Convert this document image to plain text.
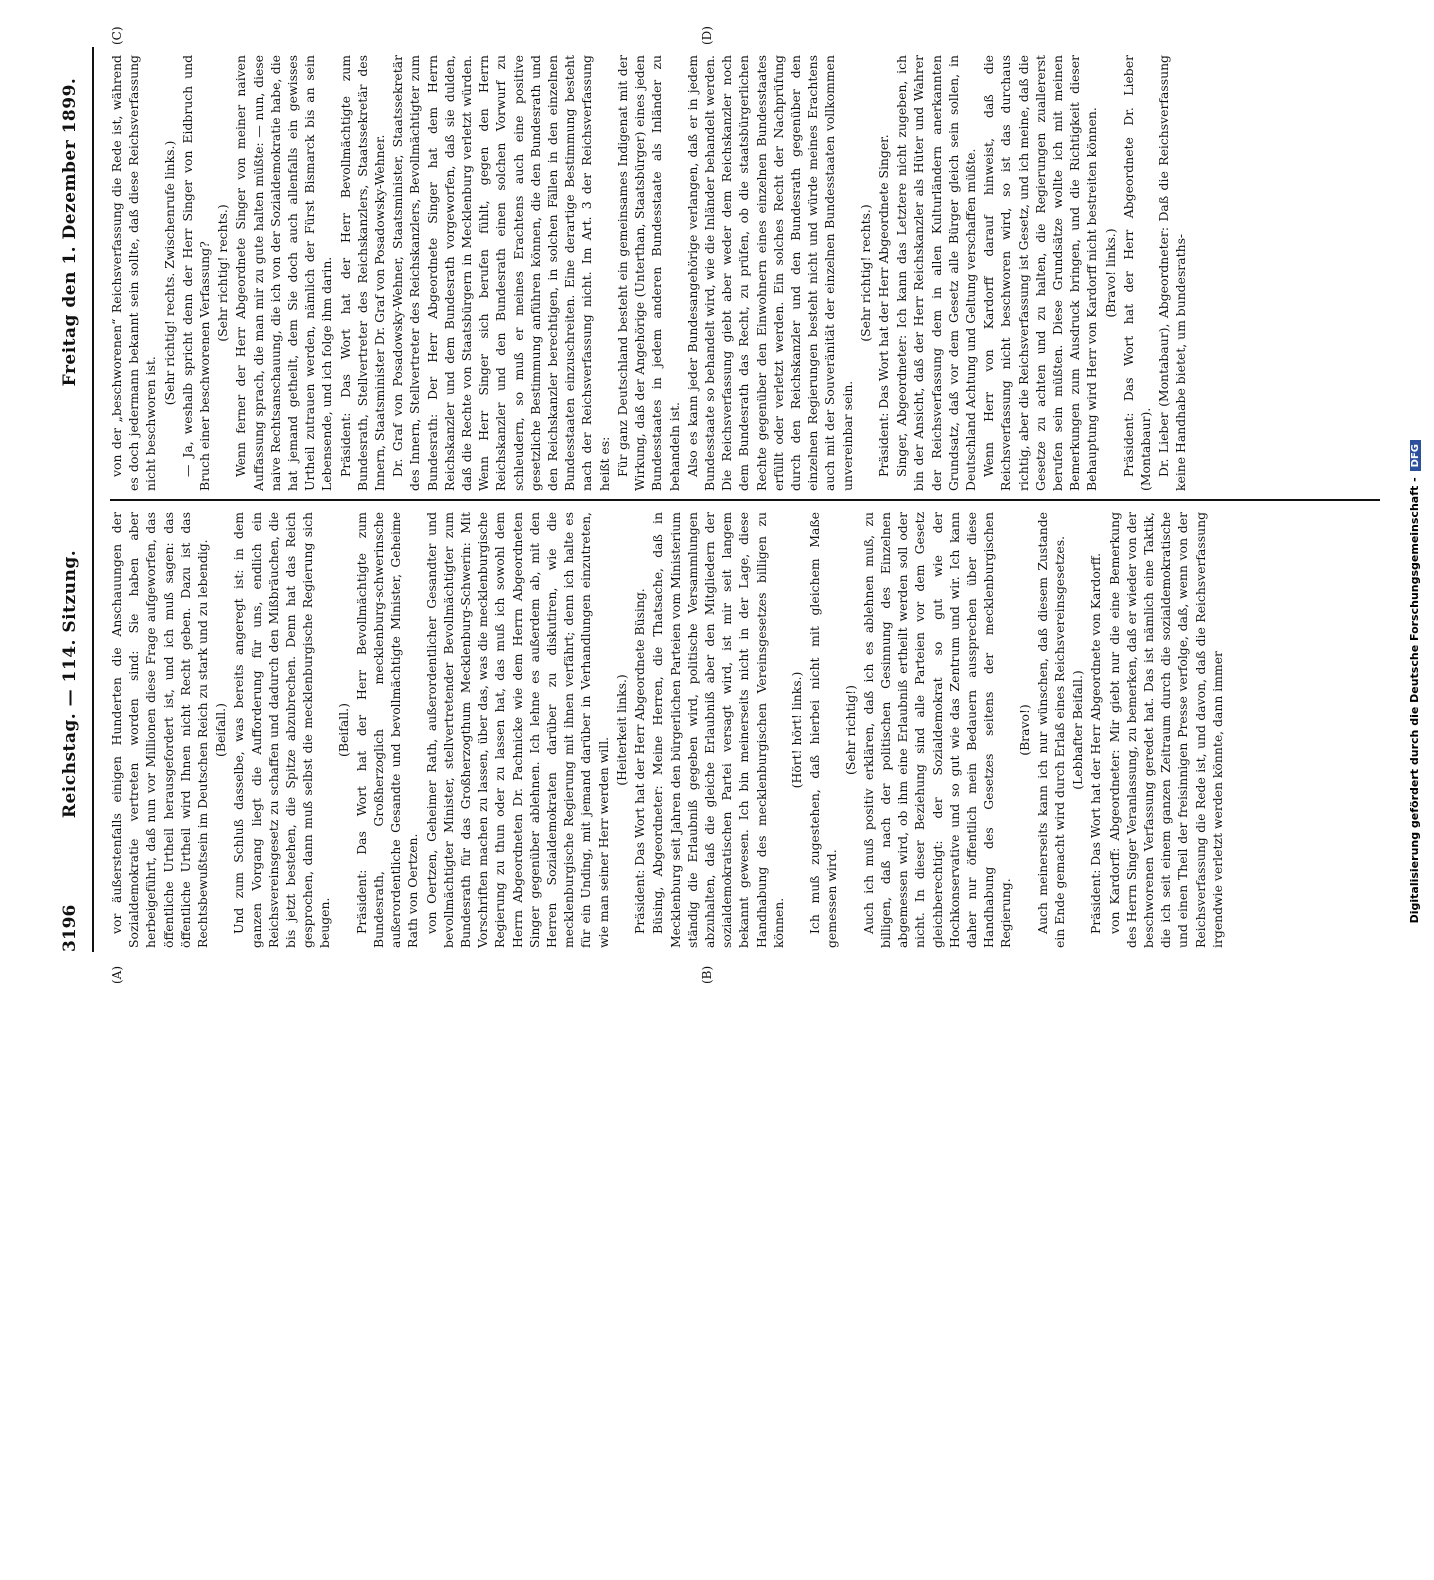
3196
Reichstag. — 114. Sitzung.
Freitag den 1. Dezember 1899.
(A)	(B)
(C)	(D)

vor äußerstenfalls einigen Hunderten die Anschauungen der Sozialdemokratie vertreten worden sind: Sie haben aber herbeigeführt, daß nun vor Millionen diese Frage aufgeworfen, das öffentliche Urtheil herausgefordert ist, und ich muß sagen: das öffentliche Urtheil wird Ihnen nicht Recht geben. Dazu ist das Rechtsbewußtsein im Deutschen Reich zu stark und zu lebendig. (Beifall.) Und zum Schluß dasselbe, was bereits angeregt ist: in dem ganzen Vorgang liegt die Aufforderung für uns, endlich ein Reichsvereinsgesetz zu schaffen und dadurch den Mißbräuchen, die bis jetzt bestehen, die Spitze abzubrechen. Denn hat das Reich gesprochen, dann muß selbst die mecklenburgische Regierung sich beugen.

(Beifall.) Präsident: Das Wort hat der Herr Bevollmächtigte zum Bundesrath, Großherzoglich mecklenburg-schwerinsche außerordentliche Gesandte und bevollmächtigte Minister, Geheime Rath von Oertzen. von Oertzen, Geheimer Rath, außerordentlicher Gesandter und bevollmächtigter Minister, stellvertretender Bevollmächtigter zum Bundesrath für das Großherzogthum Mecklenburg-Schwerin: Mit Vorschriften machen zu lassen, über das, was die mecklenburgische Regierung zu thun oder zu lassen hat, das muß ich sowohl dem Herrn Abgeordneten Dr. Pachnicke wie dem Herrn Abgeordneten Singer gegenüber ablehnen. Ich lehne es außerdem ab, mit den Herren Sozialdemokraten darüber zu diskutiren, wie die mecklenburgische Regierung mit ihnen verfährt; denn ich halte es für ein Unding, mit jemand darüber in Verhandlungen einzutreten, wie man seiner Herr werden will.

(Heiterkeit links.) Präsident: Das Wort hat der Herr Abgeordnete Büsing. Büsing, Abgeordneter: Meine Herren, die Thatsache, daß in Mecklenburg seit Jahren den bürgerlichen Parteien vom Ministerium ständig die Erlaubniß gegeben wird, politische Versammlungen abzuhalten, daß die gleiche Erlaubniß aber den Mitgliedern der sozialdemokratischen Partei versagt wird, ist mir seit langem bekannt gewesen. Ich bin meinerseits nicht in der Lage, diese Handhabung des mecklenburgischen Vereinsgesetzes billigen zu können.

(Hört! hört! links.) Ich muß zugestehen, daß hierbei nicht mit gleichem Maße gemessen wird.

(Sehr richtig!) Auch ich muß positiv erklären, daß ich es ablehnen muß, zu billigen, daß nach der politischen Gesinnung des Einzelnen abgemessen wird, ob ihm eine Erlaubniß ertheilt werden soll oder nicht. In dieser Beziehung sind alle Parteien vor dem Gesetz gleichberechtigt: der Sozialdemokrat so gut wie der Hochkonservative und so gut wie das Zentrum und wir. Ich kann daher nur öffentlich mein Bedauern aussprechen über diese Handhabung des Gesetzes seitens der mecklenburgischen Regierung.

(Bravo!) Auch meinerseits kann ich nur wünschen, daß diesem Zustande ein Ende gemacht wird durch Erlaß eines Reichsvereinsgesetzes. (Lebhafter Beifall.) Präsident: Das Wort hat der Herr Abgeordnete von Kardorff. von Kardorff: Abgeordneter: Mir giebt nur die eine Bemerkung des Herrn Singer Veranlassung, zu bemerken, daß er wieder von der beschworenen Verfassung geredet hat. Das ist nämlich eine Taktik, die ich seit einem ganzen Zeitraum durch die sozialdemokratische und einen Theil der freisinnigen Presse verfolge, daß, wenn von der Reichsverfassung die Rede ist, und davon, daß die Reichsverfassung irgendwie verletzt werden könnte, dann immer

von der „beschworenen“ Reichsverfassung die Rede ist, während es doch jedermann bekannt sein sollte, daß diese Reichsverfassung nicht beschworen ist.

(Sehr richtig! rechts. Zwischenrufe links.) — Ja, weshalb spricht denn der Herr Singer von Eidbruch und Bruch einer beschworenen Verfassung? (Sehr richtig! rechts.) Wenn ferner der Herr Abgeordnete Singer von meiner naiven Auffassung sprach, die man mir zu gute halten müßte: — nun, diese naive Rechtsanschauung, die ich von der Sozialdemokratie habe, die hat jemand getheilt, dem Sie doch auch allenfalls ein gewisses Urtheil zutrauen werden, nämlich der Fürst Bismarck bis an sein Lebensende, und ich folge ihm darin. Präsident: Das Wort hat der Herr Bevollmächtigte zum Bundesrath, Stellvertreter des Reichskanzlers, Staatssekretär des Innern, Staatsminister Dr. Graf von Posadowsky-Wehner. Dr. Graf von Posadowsky-Wehner, Staatsminister, Staatssekretär des Innern, Stellvertreter des Reichskanzlers, Bevollmächtigter zum Bundesrath: Der Herr Abgeordnete Singer hat dem Herrn Reichskanzler und dem Bundesrath vorgeworfen, daß sie dulden, daß die Rechte von Staatsbürgern in Mecklenburg verletzt würden. Wenn Herr Singer sich berufen fühlt, gegen den Herrn Reichskanzler und den Bundesrath einen solchen Vorwurf zu schleudern, so muß er meines Erachtens auch eine positive gesetzliche Bestimmung anführen können, die den Bundesrath und den Reichskanzler berechtigen, in solchen Fällen in den einzelnen Bundesstaaten einzuschreiten. Eine derartige Bestimmung besteht nach der Reichsverfassung nicht. Im Art. 3 der Reichsverfassung heißt es: Für ganz Deutschland besteht ein gemeinsames Indigenat mit der Wirkung, daß der Angehörige (Unterthan, Staatsbürger) eines jeden Bundesstaates in jedem anderen Bundesstaate als Inländer zu behandeln ist. Also es kann jeder Bundesangehörige verlangen, daß er in jedem Bundesstaate so behandelt wird, wie die Inländer behandelt werden. Die Reichsverfassung giebt aber weder dem Reichskanzler noch dem Bundesrath das Recht, zu prüfen, ob die staatsbürgerlichen Rechte gegenüber den Einwohnern eines einzelnen Bundesstaates erfüllt oder verletzt werden. Ein solches Recht der Nachprüfung durch den Reichskanzler und den Bundesrath gegenüber den einzelnen Regierungen besteht nicht und würde meines Erachtens auch mit der Souveränität der einzelnen Bundesstaaten vollkommen unvereinbar sein.

(Sehr richtig! rechts.) Präsident: Das Wort hat der Herr Abgeordnete Singer. Singer, Abgeordneter: Ich kann das Letztere nicht zugeben, ich bin der Ansicht, daß der Herr Reichskanzler als Hüter und Wahrer der Reichsverfassung dem in allen Kulturländern anerkannten Grundsatz, daß vor dem Gesetz alle Bürger gleich sein sollen, in Deutschland Achtung und Geltung verschaffen müßte. Wenn Herr von Kardorff darauf hinweist, daß die Reichsverfassung nicht beschworen wird, so ist das durchaus richtig, aber die Reichsverfassung ist Gesetz, und ich meine, daß die Gesetze zu achten und zu halten, die Regierungen zuallererst berufen sein müßten. Diese Grundsätze wollte ich mit meinen Bemerkungen zum Ausdruck bringen, und die Richtigkeit dieser Behauptung wird Herr von Kardorff nicht bestreiten können. (Bravo! links.) Präsident: Das Wort hat der Herr Abgeordnete Dr. Lieber (Montabaur). Dr. Lieber (Montabaur), Abgeordneter: Daß die Reichsverfassung keine Handhabe bietet, um bundesraths-

Digitalisierung gefördert durch die Deutsche Forschungsgemeinschaft -DFG
